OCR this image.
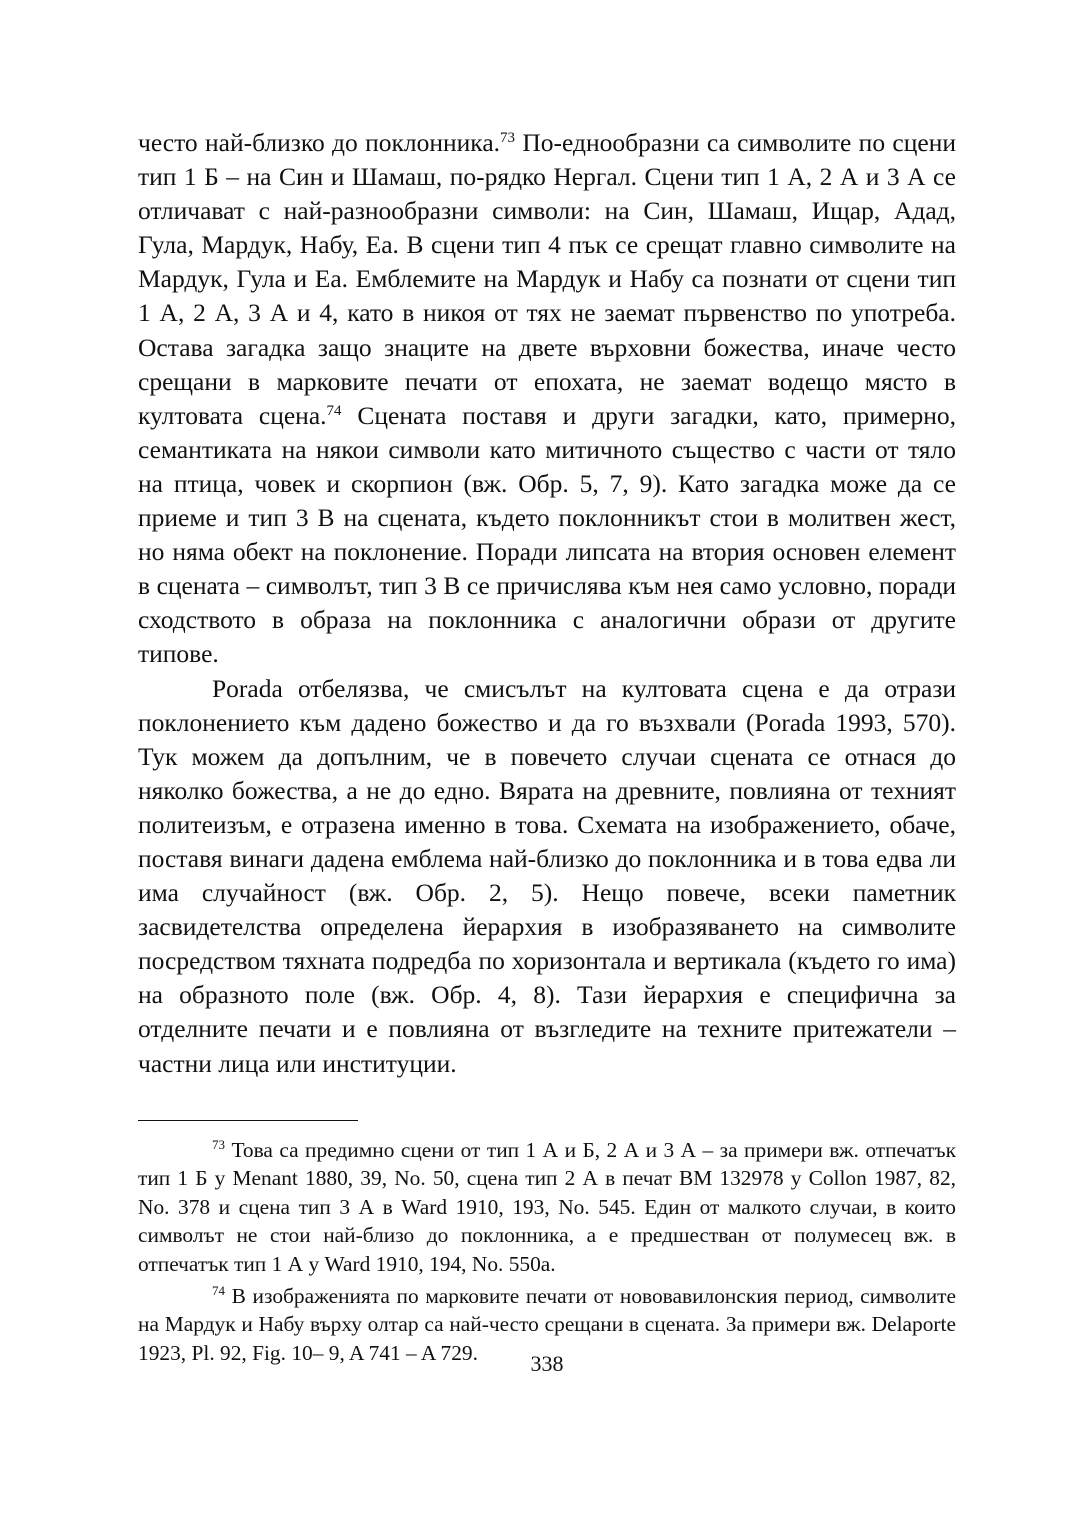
често най-близко до поклонника.$^{73}$ По-еднообразни са символите по сцени тип 1 Б – на Син и Шамаш, по-рядко Нергал. Сцени тип 1 А, 2 А и 3 А се отличават с най-разнообразни символи: на Син, Шамаш, Ищар, Адад, Гула, Мардук, Набу, Еа. В сцени тип 4 пък се срещат главно символите на Мардук, Гула и Еа. Емблемите на Мардук и Набу са познати от сцени тип 1 А, 2 А, 3 А и 4, като в никоя от тях не заемат първенство по употреба. Остава загадка защо знаците на двете върховни божества, иначе често срещани в марковите печати от епохата, не заемат водещо място в култовата сцена.$^{74}$ Сцената поставя и други загадки, като, примерно, семантиката на някои символи като митичното същество с части от тяло на птица, човек и скорпион (вж. Обр. 5, 7, 9). Като загадка може да се приеме и тип 3 В на сцената, където поклонникът стои в молитвен жест, но няма обект на поклонение. Поради липсата на втория основен елемент в сцената – символът, тип 3 В се причислява към нея само условно, поради сходството в образа на поклонника с аналогични образи от другите типове.

Porada отбелязва, че смисълът на култовата сцена е да отрази поклонението към дадено божество и да го възхвали (Porada 1993, 570). Тук можем да допълним, че в повечето случаи сцената се отнася до няколко божества, а не до едно. Вярата на древните, повлияна от техният политеизъм, е отразена именно в това. Схемата на изображението, обаче, поставя винаги дадена емблема най-близко до поклонника и в това едва ли има случайност (вж. Обр. 2, 5). Нещо повече, всеки паметник засвидетелства определена йерархия в изобразяването на символите посредством тяхната подредба по хоризонтала и вертикала (където го има) на образното поле (вж. Обр. 4, 8). Тази йерархия е специфична за отделните печати и е повлияна от възгледите на техните притежатели – частни лица или институции.

$^{73}$ Това са предимно сцени от тип 1 А и Б, 2 А и 3 А – за примери вж. отпечатък тип 1 Б у Menant 1880, 39, No. 50, сцена тип 2 А в печат BM 132978 у Collon 1987, 82, No. 378 и сцена тип 3 А в Ward 1910, 193, No. 545. Един от малкото случаи, в които символът не стои най-близо до поклонника, а е предшестван от полумесец вж. в отпечатък тип 1 А у Ward 1910, 194, No. 550a.

$^{74}$ В изображенията по марковите печати от нововавилонския период, символите на Мардук и Набу върху олтар са най-често срещани в сцената. За примери вж. Delaporte 1923, Pl. 92, Fig. 10– 9, A 741 – A 729.	338
